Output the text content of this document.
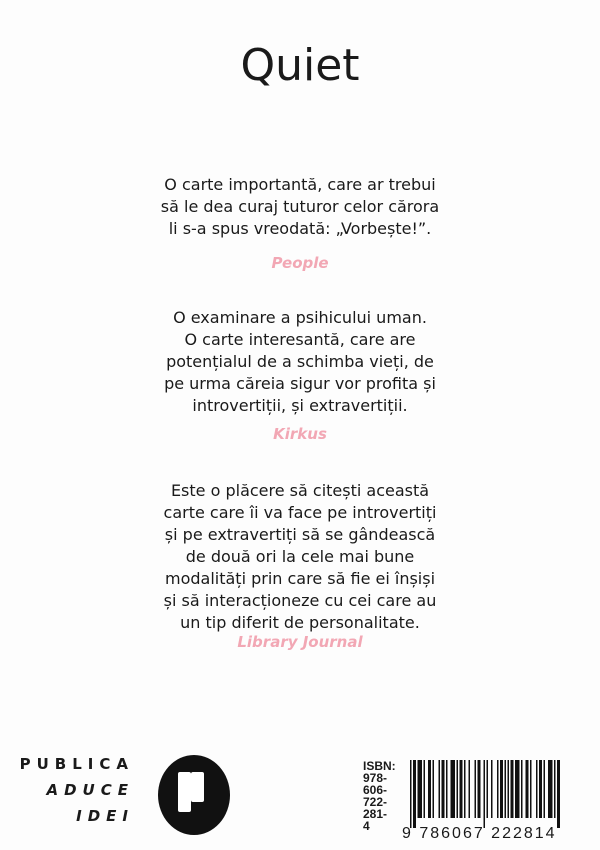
Quiet
O carte importantă, care ar trebui
să le dea curaj tuturor celor cărora
li s-a spus vreodată: „Vorbește!”.
People
O examinare a psihicului uman.
O carte interesantă, care are
potențialul de a schimba vieți, de
pe urma căreia sigur vor profita și
introvertiții, și extravertiții.
Kirkus
Este o plăcere să citești această
carte care îi va face pe introvertiți
și pe extravertiți să se gândească
de două ori la cele mai bune
modalități prin care să fie ei înșiși
și să interacționeze cu cei care au
un tip diferit de personalitate.
Library Journal
PUBLICA
ADUCE
IDEI
ISBN:
978-
606-
722-
281-
4	9 786067 222814
